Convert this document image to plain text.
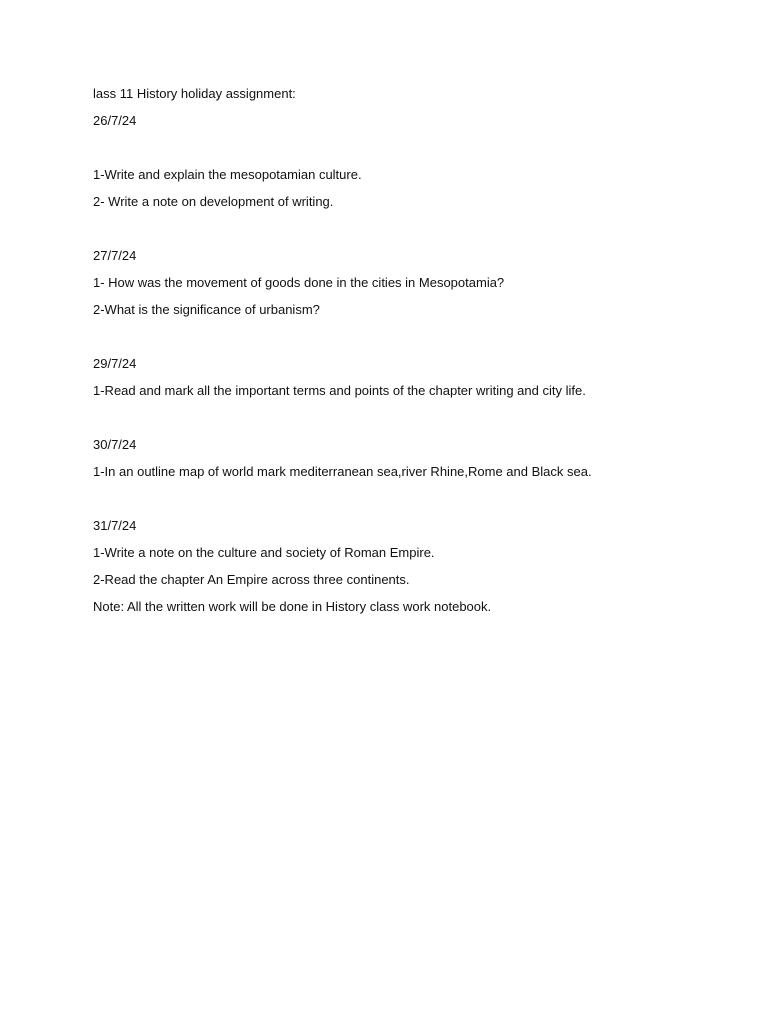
lass 11 History holiday assignment:
26/7/24
1-Write and explain the mesopotamian culture.
2- Write a note on development of writing.
27/7/24
1- How was the movement of goods done in the cities in Mesopotamia?
2-What is the significance of urbanism?
29/7/24
1-Read and mark all the important terms and points of the chapter writing and city life.
30/7/24
1-In an outline map of world mark mediterranean sea,river Rhine,Rome and Black sea.
31/7/24
1-Write a note on the culture and society of Roman Empire.
2-Read the chapter An Empire across three continents.
Note: All the written work will be done in History class work notebook.
